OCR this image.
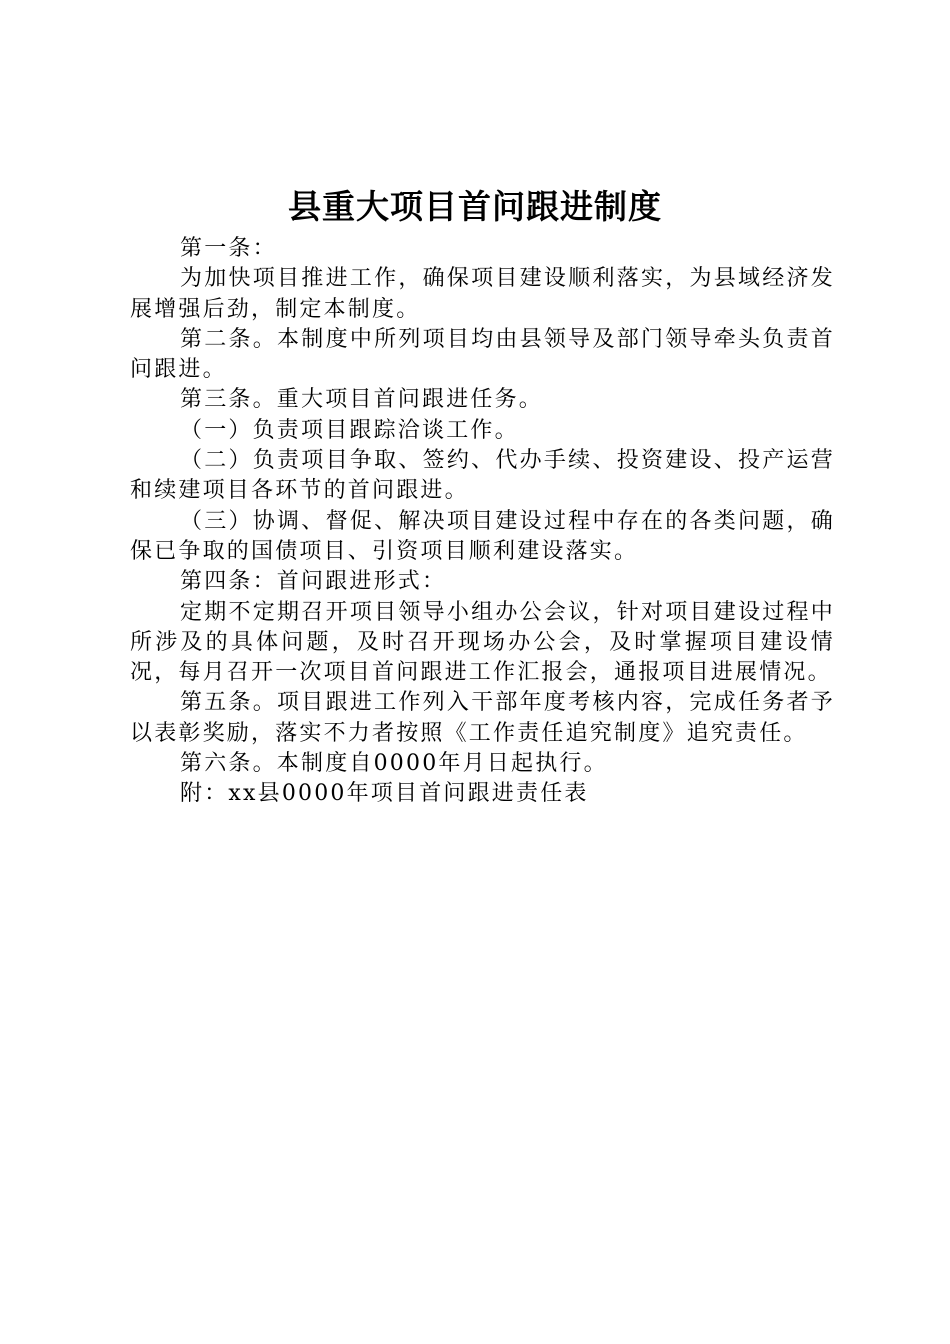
县重大项目首问跟进制度

第一条：

为加快项目推进工作，确保项目建设顺利落实，为县域经济发展增强后劲，制定本制度。

第二条。本制度中所列项目均由县领导及部门领导牵头负责首问跟进。

第三条。重大项目首问跟进任务。

（一）负责项目跟踪洽谈工作。

（二）负责项目争取、签约、代办手续、投资建设、投产运营和续建项目各环节的首问跟进。

（三）协调、督促、解决项目建设过程中存在的各类问题，确保已争取的国债项目、引资项目顺利建设落实。

第四条：首问跟进形式：

定期不定期召开项目领导小组办公会议，针对项目建设过程中所涉及的具体问题，及时召开现场办公会，及时掌握项目建设情况，每月召开一次项目首问跟进工作汇报会，通报项目进展情况。

第五条。项目跟进工作列入干部年度考核内容，完成任务者予以表彰奖励，落实不力者按照《工作责任追究制度》追究责任。

第六条。本制度自0000年月日起执行。

附：xx县0000年项目首问跟进责任表
